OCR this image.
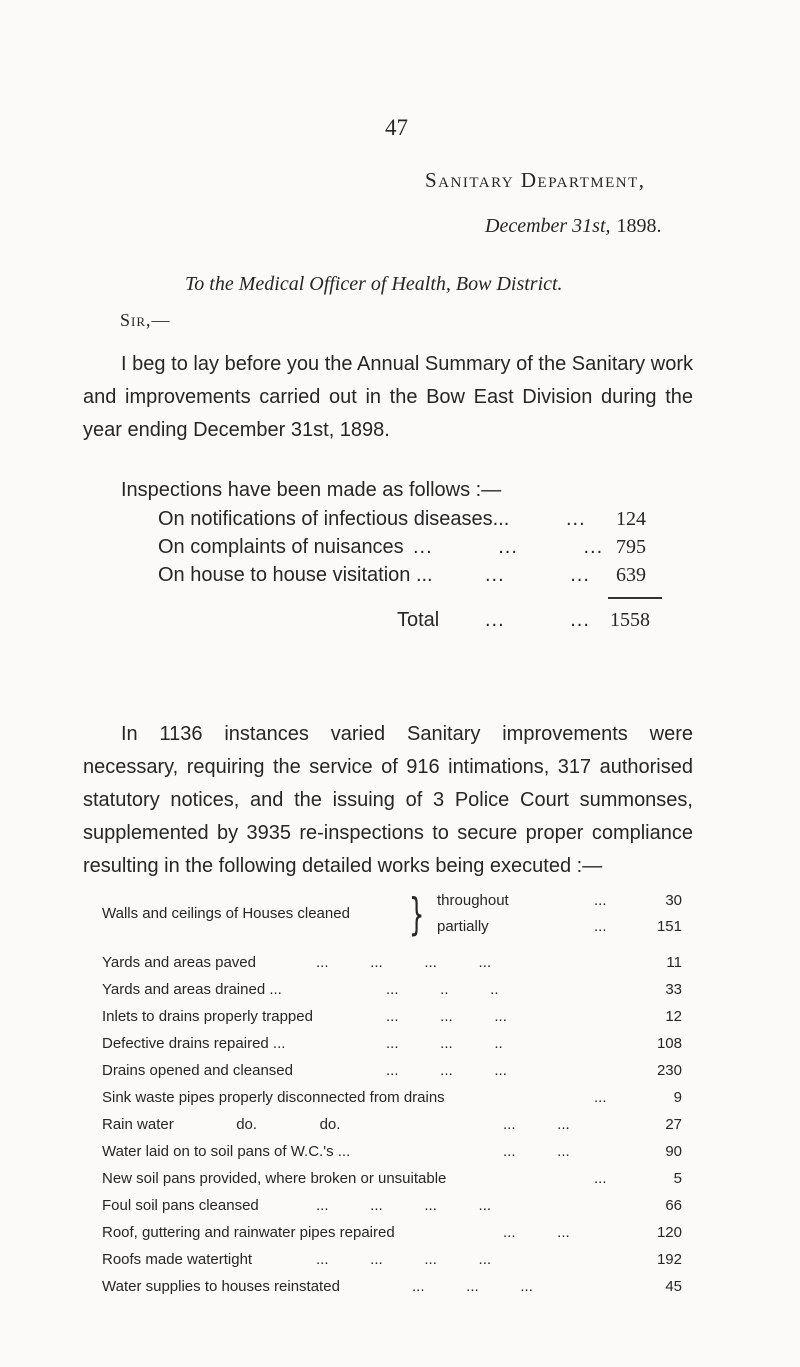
47
Sanitary Department,
December 31st, 1898.
To the Medical Officer of Health, Bow District.
Sir,—
I beg to lay before you the Annual Summary of the Sanitary work and improvements carried out in the Bow East Division during the year ending December 31st, 1898.
Inspections have been made as follows :—
On notifications of infectious diseases...	... 124
On complaints of nuisances ...          ...          ... 795
On house to house visitation ...	...          ... 639
Total ...          ... 1558
In 1136 instances varied Sanitary improvements were necessary, requiring the service of 916 intimations, 317 authorised statutory notices, and the issuing of 3 Police Court summonses, supplemented by 3935 re-inspections to secure proper compliance resulting in the following detailed works being executed :—
Walls and ceilings of Houses cleaned } throughout	...	30
partially	...	151
Yards and areas paved	...          ...          ...          ...	11
Yards and areas drained ...	...          ..          ..	33
Inlets to drains properly trapped	...          ...          ...	12
Defective drains repaired ...	...          ...          ..	108
Drains opened and cleansed	...          ...          ...	230
Sink waste pipes properly disconnected from drains	...	9
Rain water               do.               do.	...          ...	27
Water laid on to soil pans of W.C.'s ...	...          ...	90
New soil pans provided, where broken or unsuitable	...	5
Foul soil pans cleansed	...          ...          ...          ...	66
Roof, guttering and rainwater pipes repaired	...          ...	120
Roofs made watertight	...          ...          ...          ...	192
Water supplies to houses reinstated	...          ...          ...	45
